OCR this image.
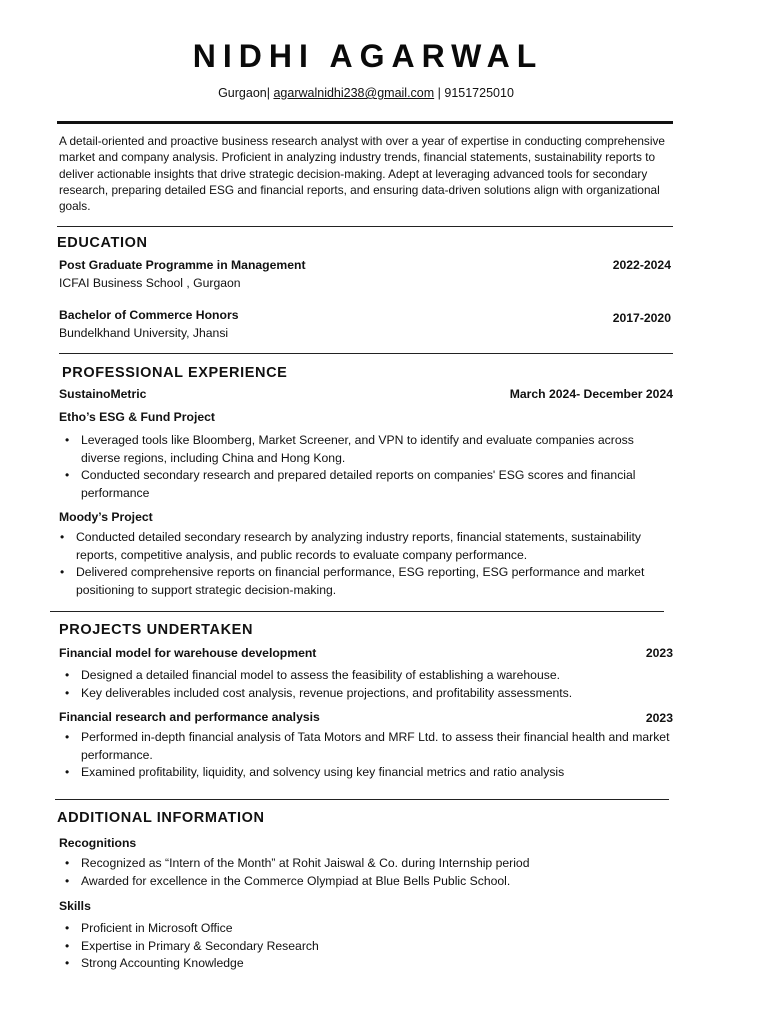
NIDHI AGARWAL
Gurgaon| agarwalnidhi238@gmail.com | 9151725010
A detail-oriented and proactive business research analyst with over a year of expertise in conducting comprehensive market and company analysis. Proficient in analyzing industry trends, financial statements, sustainability reports to deliver actionable insights that drive strategic decision-making. Adept at leveraging advanced tools for secondary research, preparing detailed ESG and financial reports, and ensuring data-driven solutions align with organizational goals.
EDUCATION
Post Graduate Programme in Management	2022-2024
ICFAI Business School , Gurgaon
Bachelor of Commerce Honors	2017-2020
Bundelkhand University, Jhansi
PROFESSIONAL EXPERIENCE
SustainoMetric	March 2024- December 2024
Etho’s ESG & Fund Project
• Leveraged tools like Bloomberg, Market Screener, and VPN to identify and evaluate companies across diverse regions, including China and Hong Kong.
• Conducted secondary research and prepared detailed reports on companies' ESG scores and financial performance
Moody’s Project
• Conducted detailed secondary research by analyzing industry reports, financial statements, sustainability reports, competitive analysis, and public records to evaluate company performance.
• Delivered comprehensive reports on financial performance, ESG reporting, ESG performance and market positioning to support strategic decision-making.
PROJECTS UNDERTAKEN
Financial model for warehouse development	2023
• Designed a detailed financial model to assess the feasibility of establishing a warehouse.
• Key deliverables included cost analysis, revenue projections, and profitability assessments.
Financial research and performance analysis	2023
• Performed in-depth financial analysis of Tata Motors and MRF Ltd. to assess their financial health and market performance.
• Examined profitability, liquidity, and solvency using key financial metrics and ratio analysis
ADDITIONAL INFORMATION
Recognitions
• Recognized as “Intern of the Month” at Rohit Jaiswal & Co. during Internship period
• Awarded for excellence in the Commerce Olympiad at Blue Bells Public School.
Skills
• Proficient in Microsoft Office
• Expertise in Primary & Secondary Research
• Strong Accounting Knowledge
